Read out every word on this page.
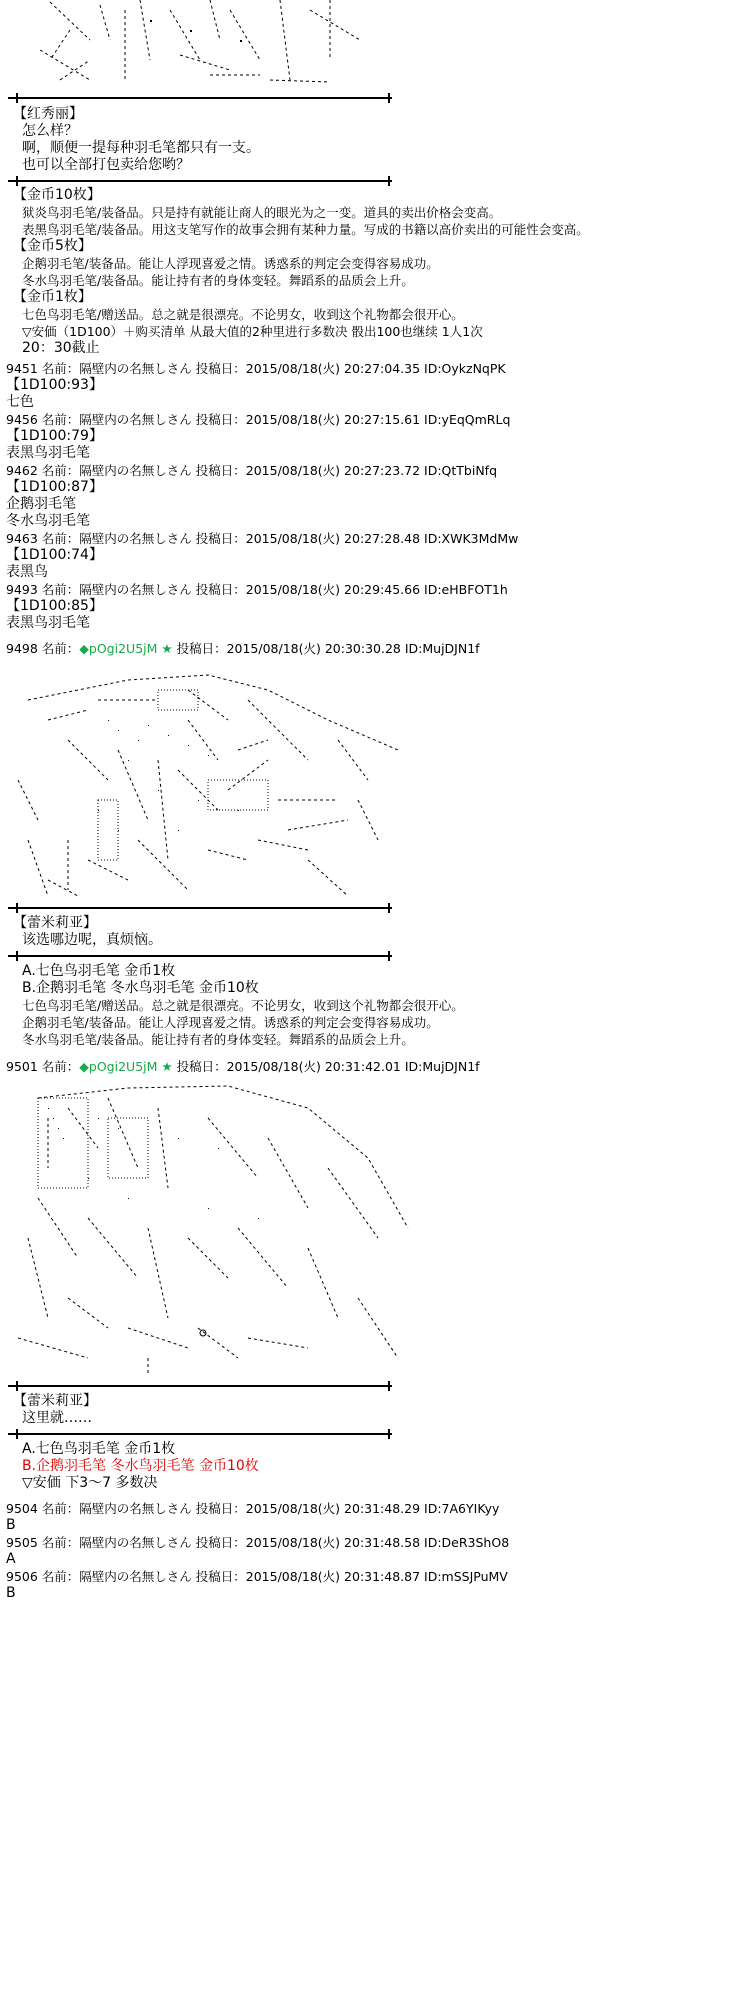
【红秀丽】
怎么样？
啊，顺便一提每种羽毛笔都只有一支。
也可以全部打包卖给您哟？
【金币10枚】
狱炎鸟羽毛笔/装备品。只是持有就能让商人的眼光为之一变。道具的卖出价格会变高。
表黑鸟羽毛笔/装备品。用这支笔写作的故事会拥有某种力量。写成的书籍以高价卖出的可能性会变高。
【金币5枚】
企鹅羽毛笔/装备品。能让人浮现喜爱之情。诱惑系的判定会变得容易成功。
冬水鸟羽毛笔/装备品。能让持有者的身体变轻。舞蹈系的品质会上升。
【金币1枚】
七色鸟羽毛笔/赠送品。总之就是很漂亮。不论男女，收到这个礼物都会很开心。
▽安価（1D100）＋购买清单 从最大值的2种里进行多数决 骰出100也继续 1人1次
20：30截止
9451 名前：隔壁内の名無しさん 投稿日：2015/08/18(火) 20:27:04.35 ID:OykzNqPK
【1D100:93】
七色
9456 名前：隔壁内の名無しさん 投稿日：2015/08/18(火) 20:27:15.61 ID:yEqQmRLq
【1D100:79】
表黑鸟羽毛笔
9462 名前：隔壁内の名無しさん 投稿日：2015/08/18(火) 20:27:23.72 ID:QtTbiNfq
【1D100:87】
企鹅羽毛笔
冬水鸟羽毛笔
9463 名前：隔壁内の名無しさん 投稿日：2015/08/18(火) 20:27:28.48 ID:XWK3MdMw
【1D100:74】
表黑鸟
9493 名前：隔壁内の名無しさん 投稿日：2015/08/18(火) 20:29:45.66 ID:eHBFOT1h
【1D100:85】
表黑鸟羽毛笔
9498 名前：◆pOgi2U5jM ★ 投稿日：2015/08/18(火) 20:30:30.28 ID:MujDJN1f
【蕾米莉亚】
该选哪边呢，真烦恼。
A.七色鸟羽毛笔 金币1枚
B.企鹅羽毛笔 冬水鸟羽毛笔 金币10枚
七色鸟羽毛笔/赠送品。总之就是很漂亮。不论男女，收到这个礼物都会很开心。
企鹅羽毛笔/装备品。能让人浮现喜爱之情。诱惑系的判定会变得容易成功。
冬水鸟羽毛笔/装备品。能让持有者的身体变轻。舞蹈系的品质会上升。
9501 名前：◆pOgi2U5jM ★ 投稿日：2015/08/18(火) 20:31:42.01 ID:MujDJN1f
【蕾米莉亚】
这里就……
A.七色鸟羽毛笔 金币1枚
B.企鹅羽毛笔 冬水鸟羽毛笔 金币10枚
▽安価 下3～7 多数决
9504 名前：隔壁内の名無しさん 投稿日：2015/08/18(火) 20:31:48.29 ID:7A6YIKyy
B
9505 名前：隔壁内の名無しさん 投稿日：2015/08/18(火) 20:31:48.58 ID:DeR3ShO8
A
9506 名前：隔壁内の名無しさん 投稿日：2015/08/18(火) 20:31:48.87 ID:mSSJPuMV
B
